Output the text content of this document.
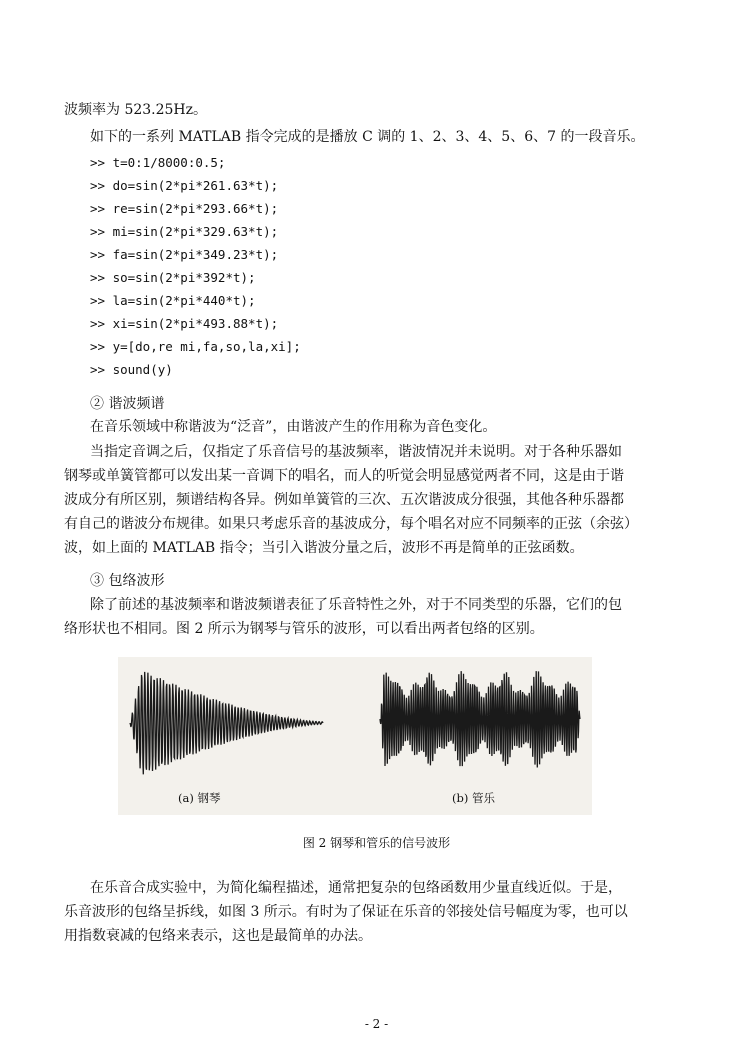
波频率为 523.25Hz。
如下的一系列 MATLAB 指令完成的是播放 C 调的 1、2、3、4、5、6、7 的一段音乐。
>> t=0:1/8000:0.5;
>> do=sin(2*pi*261.63*t);
>> re=sin(2*pi*293.66*t);
>> mi=sin(2*pi*329.63*t);
>> fa=sin(2*pi*349.23*t);
>> so=sin(2*pi*392*t);
>> la=sin(2*pi*440*t);
>> xi=sin(2*pi*493.88*t);
>> y=[do,re mi,fa,so,la,xi];
>> sound(y)
② 谐波频谱
在音乐领域中称谐波为“泛音”，由谐波产生的作用称为音色变化。
当指定音调之后，仅指定了乐音信号的基波频率，谐波情况并未说明。对于各种乐器如
钢琴或单簧管都可以发出某一音调下的唱名，而人的听觉会明显感觉两者不同，这是由于谐
波成分有所区别，频谱结构各异。例如单簧管的三次、五次谐波成分很强，其他各种乐器都
有自己的谐波分布规律。如果只考虑乐音的基波成分，每个唱名对应不同频率的正弦（余弦）
波，如上面的 MATLAB 指令；当引入谐波分量之后，波形不再是简单的正弦函数。
③ 包络波形
除了前述的基波频率和谐波频谱表征了乐音特性之外，对于不同类型的乐器，它们的包
络形状也不相同。图 2 所示为钢琴与管乐的波形，可以看出两者包络的区别。
(a) 钢琴	(b) 管乐
图 2 钢琴和管乐的信号波形
在乐音合成实验中，为简化编程描述，通常把复杂的包络函数用少量直线近似。于是，
乐音波形的包络呈拆线，如图 3 所示。有时为了保证在乐音的邻接处信号幅度为零，也可以
用指数衰减的包络来表示，这也是最简单的办法。
- 2 -
